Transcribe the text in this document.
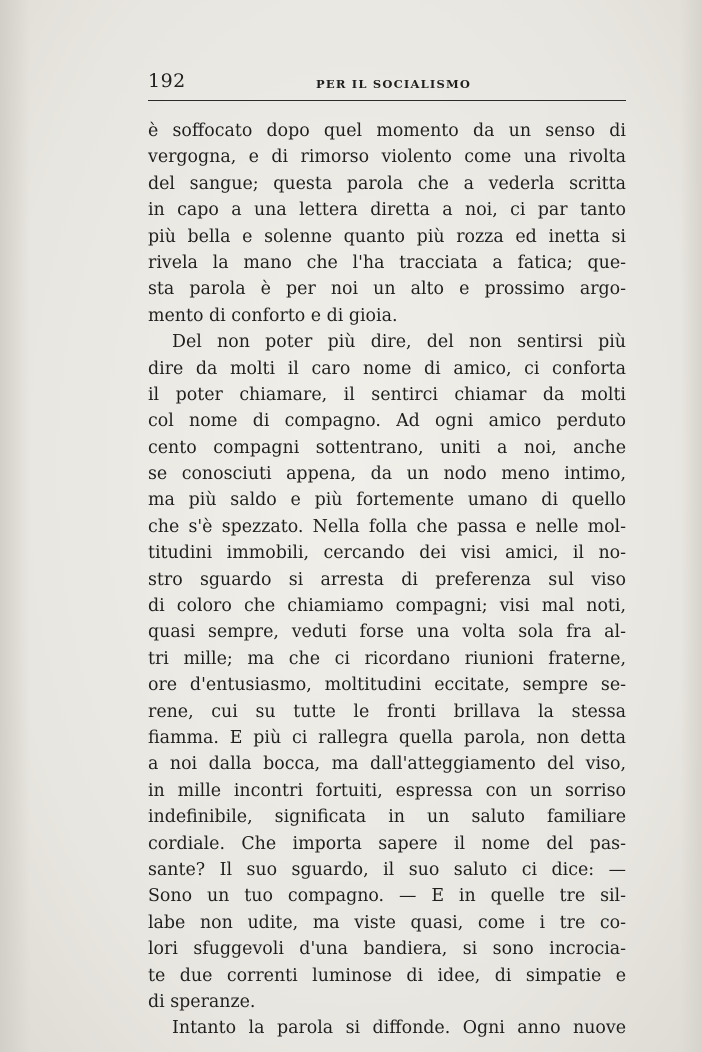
192	PER IL SOCIALISMO
è soffocato dopo quel momento da un senso di
vergogna, e di rimorso violento come una rivolta
del sangue; questa parola che a vederla scritta
in capo a una lettera diretta a noi, ci par tanto
più bella e solenne quanto più rozza ed inetta si
rivela la mano che l'ha tracciata a fatica; que-
sta parola è per noi un alto e prossimo argo-
mento di conforto e di gioia.
Del non poter più dire, del non sentirsi più
dire da molti il caro nome di amico, ci conforta
il poter chiamare, il sentirci chiamar da molti
col nome di compagno. Ad ogni amico perduto
cento compagni sottentrano, uniti a noi, anche
se conosciuti appena, da un nodo meno intimo,
ma più saldo e più fortemente umano di quello
che s'è spezzato. Nella folla che passa e nelle mol-
titudini immobili, cercando dei visi amici, il no-
stro sguardo si arresta di preferenza sul viso
di coloro che chiamiamo compagni; visi mal noti,
quasi sempre, veduti forse una volta sola fra al-
tri mille; ma che ci ricordano riunioni fraterne,
ore d'entusiasmo, moltitudini eccitate, sempre se-
rene, cui su tutte le fronti brillava la stessa
fiamma. E più ci rallegra quella parola, non detta
a noi dalla bocca, ma dall'atteggiamento del viso,
in mille incontri fortuiti, espressa con un sorriso
indefinibile, significata in un saluto familiare
cordiale. Che importa sapere il nome del pas-
sante? Il suo sguardo, il suo saluto ci dice: —
Sono un tuo compagno. — E in quelle tre sil-
labe non udite, ma viste quasi, come i tre co-
lori sfuggevoli d'una bandiera, si sono incrocia-
te due correnti luminose di idee, di simpatie e
di speranze.
Intanto la parola si diffonde. Ogni anno nuove
